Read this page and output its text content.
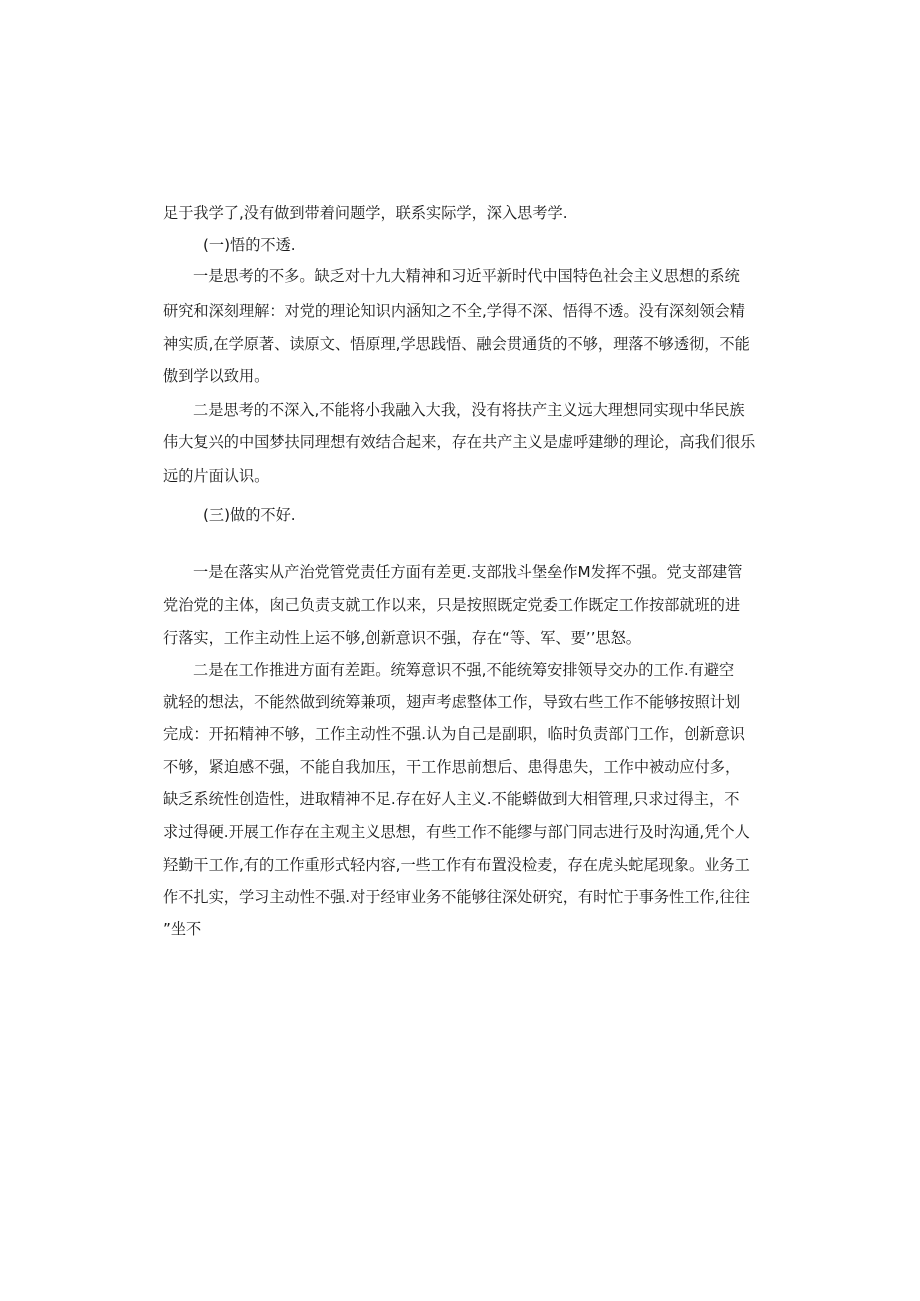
足于我学了,没有做到带着问题学，联系实际学，深入思考学.
(一)悟的不透.
一是思考的不多。缺乏对十九大精神和习近平新时代中国特色社会主义思想的系统
研究和深刻理解：对党的理论知识内涵知之不全,学得不深、悟得不透。没有深刻领会精
神实质,在学原著、读原文、悟原理,学思践悟、融会贯通货的不够，理落不够透彻，不能
傲到学以致用。
二是思考的不深入,不能将小我融入大我，没有将扶产主义远大理想同实现中华民族
伟大复兴的中国梦扶同理想有效结合起来，存在共产主义是虚呼建缈的理论，高我们很乐
远的片面认识。
(三)做的不好.
一是在落实从产治党管党责任方面有差更.支部戕斗堡垒作M发挥不强。党支部建管
党治党的主体，囱己负责支就工作以来，只是按照既定党委工作既定工作按部就班的进
行落实，工作主动性上运不够,创新意识不强，存在“等、军、要’’思怒。
二是在工作推进方面有差距。统筹意识不强,不能统筹安排领导交办的工作.有避空
就轻的想法，不能然做到统筹兼项，翅声考虑整体工作，导致右些工作不能够按照计划
完成：开拓精神不够，工作主动性不强.认为自己是副职，临时负责部门工作，创新意识
不够，紧迫感不强，不能自我加压，干工作思前想后、患得患失，工作中被动应付多，
缺乏系统性创造性，进取精神不足.存在好人主义.不能蟒做到大相管理,只求过得主，不
求过得硬.开展工作存在主观主义思想，有些工作不能缪与部门同志进行及时沟通,凭个人
羟勤干工作,有的工作重形式轻内容,一些工作有布置没检麦，存在虎头蛇尾现象。业务工
作不扎实，学习主动性不强.对于经审业务不能够往深处研究，有时忙于事务性工作,往往
”坐不
